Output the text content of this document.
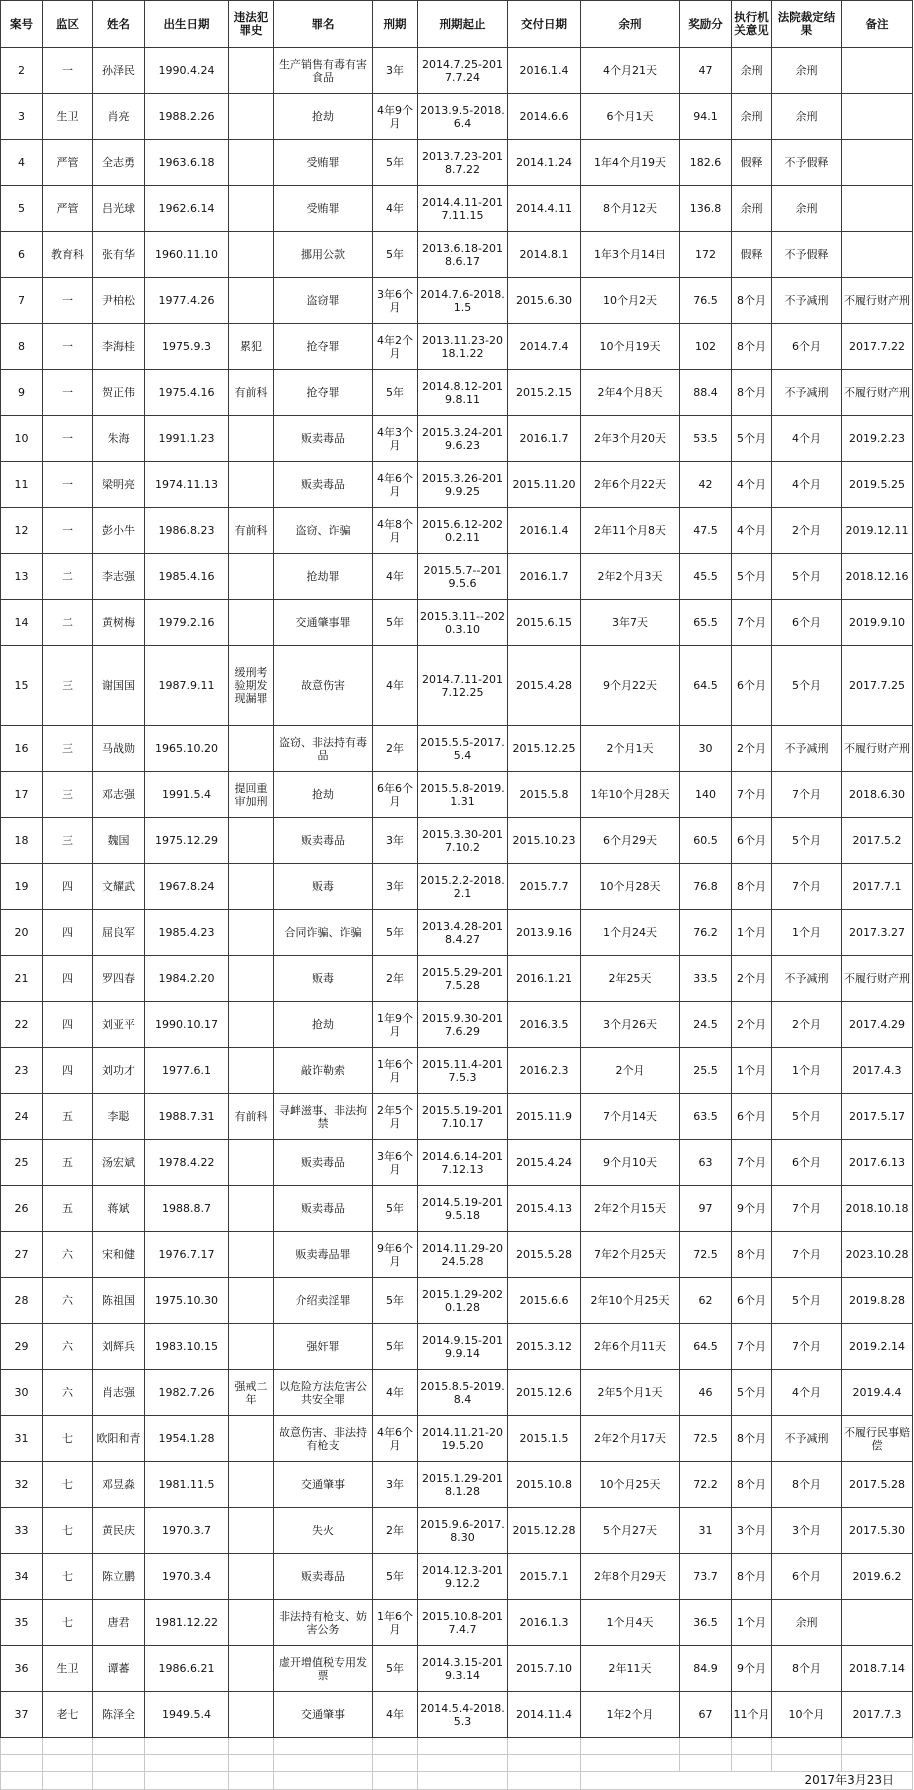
案号	监区	姓名	出生日期	违法犯罪史	罪名	刑期	刑期起止	交付日期	余刑	奖励分	执行机关意见	法院裁定结果	备注
2	一	孙泽民	1990.4.24		生产销售有毒有害食品	3年	2014.7.25-2017.7.24	2016.1.4	4个月21天	47	余刑	余刑	
3	生卫	肖亮	1988.2.26		抢劫	4年9个月	2013.9.5-2018.6.4	2014.6.6	6个月1天	94.1	余刑	余刑	
4	严管	全志勇	1963.6.18		受贿罪	5年	2013.7.23-2018.7.22	2014.1.24	1年4个月19天	182.6	假释	不予假释	
5	严管	吕光球	1962.6.14		受贿罪	4年	2014.4.11-2017.11.15	2014.4.11	8个月12天	136.8	余刑	余刑	
6	教育科	张有华	1960.11.10		挪用公款	5年	2013.6.18-2018.6.17	2014.8.1	1年3个月14日	172	假释	不予假释	
7	一	尹柏松	1977.4.26		盗窃罪	3年6个月	2014.7.6-2018.1.5	2015.6.30	10个月2天	76.5	8个月	不予减刑	不履行财产刑
8	一	李海桂	1975.9.3	累犯	抢夺罪	4年2个月	2013.11.23-2018.1.22	2014.7.4	10个月19天	102	8个月	6个月	2017.7.22
9	一	贺正伟	1975.4.16	有前科	抢夺罪	5年	2014.8.12-2019.8.11	2015.2.15	2年4个月8天	88.4	8个月	不予减刑	不履行财产刑
10	一	朱海	1991.1.23		贩卖毒品	4年3个月	2015.3.24-2019.6.23	2016.1.7	2年3个月20天	53.5	5个月	4个月	2019.2.23
11	一	梁明亮	1974.11.13		贩卖毒品	4年6个月	2015.3.26-2019.9.25	2015.11.20	2年6个月22天	42	4个月	4个月	2019.5.25
12	一	彭小牛	1986.8.23	有前科	盗窃、诈骗	4年8个月	2015.6.12-2020.2.11	2016.1.4	2年11个月8天	47.5	4个月	2个月	2019.12.11
13	二	李志强	1985.4.16		抢劫罪	4年	2015.5.7--2019.5.6	2016.1.7	2年2个月3天	45.5	5个月	5个月	2018.12.16
14	二	黄树梅	1979.2.16		交通肇事罪	5年	2015.3.11--2020.3.10	2015.6.15	3年7天	65.5	7个月	6个月	2019.9.10
15	三	谢国国	1987.9.11	缓刑考验期发现漏罪	故意伤害	4年	2014.7.11-2017.12.25	2015.4.28	9个月22天	64.5	6个月	5个月	2017.7.25
16	三	马战勋	1965.10.20		盗窃、非法持有毒品	2年	2015.5.5-2017.5.4	2015.12.25	2个月1天	30	2个月	不予减刑	不履行财产刑
17	三	邓志强	1991.5.4	提回重审加刑	抢劫	6年6个月	2015.5.8-2019.1.31	2015.5.8	1年10个月28天	140	7个月	7个月	2018.6.30
18	三	魏国	1975.12.29		贩卖毒品	3年	2015.3.30-2017.10.2	2015.10.23	6个月29天	60.5	6个月	5个月	2017.5.2
19	四	文耀武	1967.8.24		贩毒	3年	2015.2.2-2018.2.1	2015.7.7	10个月28天	76.8	8个月	7个月	2017.7.1
20	四	屈良军	1985.4.23		合同诈骗、诈骗	5年	2013.4.28-2018.4.27	2013.9.16	1个月24天	76.2	1个月	1个月	2017.3.27
21	四	罗四春	1984.2.20		贩毒	2年	2015.5.29-2017.5.28	2016.1.21	2年25天	33.5	2个月	不予减刑	不履行财产刑
22	四	刘亚平	1990.10.17		抢劫	1年9个月	2015.9.30-2017.6.29	2016.3.5	3个月26天	24.5	2个月	2个月	2017.4.29
23	四	刘功才	1977.6.1		敲诈勒索	1年6个月	2015.11.4-2017.5.3	2016.2.3	2个月	25.5	1个月	1个月	2017.4.3
24	五	李聪	1988.7.31	有前科	寻衅滋事、非法拘禁	2年5个月	2015.5.19-2017.10.17	2015.11.9	7个月14天	63.5	6个月	5个月	2017.5.17
25	五	汤宏斌	1978.4.22		贩卖毒品	3年6个月	2014.6.14-2017.12.13	2015.4.24	9个月10天	63	7个月	6个月	2017.6.13
26	五	蒋斌	1988.8.7		贩卖毒品	5年	2014.5.19-2019.5.18	2015.4.13	2年2个月15天	97	9个月	7个月	2018.10.18
27	六	宋和健	1976.7.17		贩卖毒品罪	9年6个月	2014.11.29-2024.5.28	2015.5.28	7年2个月25天	72.5	8个月	7个月	2023.10.28
28	六	陈祖国	1975.10.30		介绍卖淫罪	5年	2015.1.29-2020.1.28	2015.6.6	2年10个月25天	62	6个月	5个月	2019.8.28
29	六	刘辉兵	1983.10.15		强奸罪	5年	2014.9.15-2019.9.14	2015.3.12	2年6个月11天	64.5	7个月	7个月	2019.2.14
30	六	肖志强	1982.7.26	强戒二年	以危险方法危害公共安全罪	4年	2015.8.5-2019.8.4	2015.12.6	2年5个月1天	46	5个月	4个月	2019.4.4
31	七	欧阳和青	1954.1.28		故意伤害、非法持有枪支	4年6个月	2014.11.21-2019.5.20	2015.1.5	2年2个月17天	72.5	8个月	不予减刑	不履行民事赔偿
32	七	邓昱淼	1981.11.5		交通肇事	3年	2015.1.29-2018.1.28	2015.10.8	10个月25天	72.2	8个月	8个月	2017.5.28
33	七	黄民庆	1970.3.7		失火	2年	2015.9.6-2017.8.30	2015.12.28	5个月27天	31	3个月	3个月	2017.5.30
34	七	陈立鹏	1970.3.4		贩卖毒品	5年	2014.12.3-2019.12.2	2015.7.1	2年8个月29天	73.7	8个月	6个月	2019.6.2
35	七	唐君	1981.12.22		非法持有枪支、妨害公务	1年6个月	2015.10.8-2017.4.7	2016.1.3	1个月4天	36.5	1个月	余刑	
36	生卫	谭蕃	1986.6.21		虚开增值税专用发票	5年	2014.3.15-2019.3.14	2015.7.10	2年11天	84.9	9个月	8个月	2018.7.14
37	老七	陈泽全	1949.5.4		交通肇事	4年	2014.5.4-2018.5.3	2014.11.4	1年2个月	67	11个月	10个月	2017.7.3

									2017年3月23日				
